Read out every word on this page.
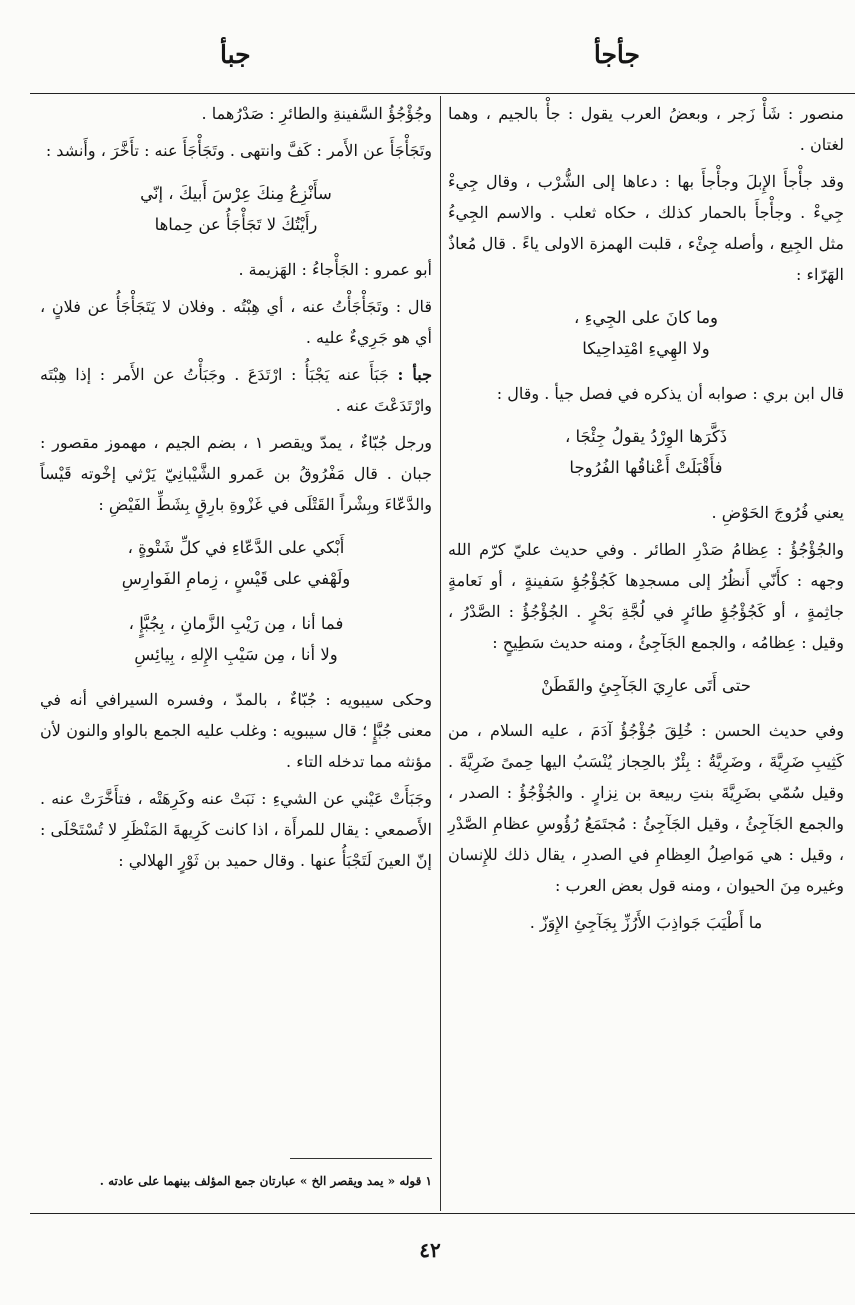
جأجأ
جبأ

منصور : شَأْ زَجر ، وبعضُ العرب يقول : جأْ بالجيم ، وهما لغتان .

وقد جأْجأَ الإِبلَ وجأْجأَ بها : دعاها إلى الشُّرْب ، وقال جِيءْ جِيءْ . وجأْجأَ بالحمار كذلك ، حكاه ثعلب . والاسم الجِيءُ مثل الجِيع ، وأصله جِئْء ، قلبت الهمزة الاولى ياءً . قال مُعاذٌ الهَرّاء :

وما كانَ على الجِيءِ ،
ولا الهِيءِ امْتِداحِيكا

قال ابن بري : صوابه أن يذكره في فصل جيأ . وقال :

ذَكَّرَها الوِرْدُ يقولُ جِئْجَا ،
فأَقْبَلَتْ أَعْناقُها الفُرُوجا

يعني فُرُوجَ الحَوْضِ .

والجُؤْجُؤُ : عِظامُ صَدْرِ الطائر . وفي حديث عليّ كرّم الله وجهه : كأَنّي أَنظُرُ إلى مسجدِها كَجُؤْجُؤِ سَفينةٍ ، أو نَعامةٍ جاثِمةٍ ، أو كَجُؤْجُؤِ طائرٍ في لُجَّةِ بَحْرٍ . الجُؤْجُؤُ : الصَّدْرُ ، وقيل : عِظامُه ، والجمع الجَآجِئُ ، ومنه حديث سَطِيحٍ :

حتى أَتَى عارِيَ الجَآجِئِ والقَطَنْ

وفي حديث الحسن : خُلِقَ جُؤْجُؤُ آدَمَ ، عليه السلام ، من كَثِيبِ ضَرِيَّةَ ، وضَرِيَّةُ : بِئْرٌ بالحِجاز يُنْسَبُ اليها حِمىً ضَرِيَّةَ . وقيل سُمّي بضَرِيَّةَ بنتِ ربيعة بن نِزارٍ . والجُؤْجُؤُ : الصدر ، والجمع الجَآجِئُ ، وقيل الجَآجِئُ : مُجتَمَعُ رُؤُوسِ عظامِ الصَّدْرِ ، وقيل : هي مَواصِلُ العِظامِ في الصدرِ ، يقال ذلك للإِنسان وغيره مِنَ الحيوان ، ومنه قول بعض العرب :

ما أَطْيَبَ جَواذِبَ الأَرُزِّ بِجَآجِئِ الإِوَزّ .

وجُؤْجُؤُ السَّفينةِ والطائرِ : صَدْرُهما .

وتَجَأْجَأَ عن الأَمر : كَفَّ وانتهى . وتَجَأْجَأَ عنه : تأَخَّرَ ، وأَنشد :

سأَنْزِعُ مِنكَ عِرْسَ أَبيكَ ، إنّي
رأَيْتُكَ لا تَجَأْجَأُ عن حِماها

أبو عمرو : الجَأْجاءُ : الهَزيمة .

قال : وتَجَأْجَأْتُ عنه ، أي هِبْتُه . وفلان لا يَتَجَأْجَأُ عن فلانٍ ، أي هو جَرِيءٌ عليه .

جبأ : جَبَأَ عنه يَجْبَأُ : ارْتَدَعَ . وجَبَأْتُ عن الأَمر : إذا هِبْتَه وارْتَدَعْتَ عنه .

ورجل جُبّاءٌ ، يمدّ ويقصر ١ ، بضم الجيم ، مهموز مقصور : جبان . قال مَفْرُوقُ بن عَمرو الشَّيْبانِيّ يَرْثي إخْوته قَيْساً والدَّعّاءَ وبِشْراً القَتْلَى في غَزْوةِ بارِقٍ بِشَطِّ الفَيْضِ :

أَبْكي على الدَّعّاءِ في كلِّ شَتْوةٍ ،
ولَهْفي على قَيْسٍ ، زِمامِ الفَوارِسِ
فما أنا ، مِن رَيْبِ الزَّمانِ ، بِجُبَّإٍ ،
ولا أنا ، مِن سَيْبِ الإِلهِ ، بِيائِسِ

وحكى سيبويه : جُبّاءٌ ، بالمدّ ، وفسره السيرافي أنه في معنى جُبَّإٍ ؛ قال سيبويه : وغلب عليه الجمع بالواو والنون لأن مؤنثه مما تدخله التاء .

وجَبَأَتْ عَيْني عن الشيءِ : نَبَتْ عنه وكَرِهَتْه ، فتأَخَّرَتْ عنه . الأَصمعي : يقال للمرأَة ، اذا كانت كَرِيهةَ المَنْظَرِ لا تُسْتَحْلَى : إنّ العينَ لَتَجْبَأُ عنها . وقال حميد بن ثَوْرٍ الهلالي :

١ قوله « يمد ويقصر الخ » عبارتان جمع المؤلف بينهما على عادته .
٤٢
